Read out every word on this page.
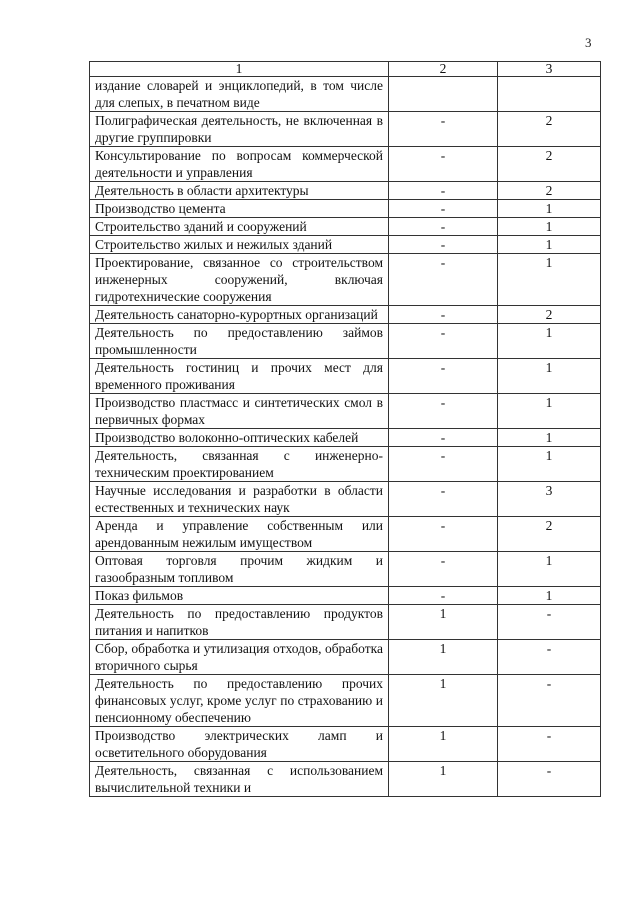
3
1	2	3
издание словарей и энциклопедий, в том числе для слепых, в печатном виде		
Полиграфическая деятельность, не включенная в другие группировки	-	2
Консультирование по вопросам коммерческой деятельности и управления	-	2
Деятельность в области архитектуры	-	2
Производство цемента	-	1
Строительство зданий и сооружений	-	1
Строительство жилых и нежилых зданий	-	1
Проектирование, связанное со строительством инженерных сооружений, включая гидротехнические сооружения	-	1
Деятельность санаторно-курортных организаций	-	2
Деятельность по предоставлению займов промышленности	-	1
Деятельность гостиниц и прочих мест для временного проживания	-	1
Производство пластмасс и синтетических смол в первичных формах	-	1
Производство волоконно-оптических кабелей	-	1
Деятельность, связанная с инженерно-техническим проектированием	-	1
Научные исследования и разработки в области естественных и технических наук	-	3
Аренда и управление собственным или арендованным нежилым имуществом	-	2
Оптовая торговля прочим жидким и газообразным топливом	-	1
Показ фильмов	-	1
Деятельность по предоставлению продуктов питания и напитков	1	-
Сбор, обработка и утилизация отходов, обработка вторичного сырья	1	-
Деятельность по предоставлению прочих финансовых услуг, кроме услуг по страхованию и пенсионному обеспечению	1	-
Производство электрических ламп и осветительного оборудования	1	-
Деятельность, связанная с использованием вычислительной техники и	1	-
